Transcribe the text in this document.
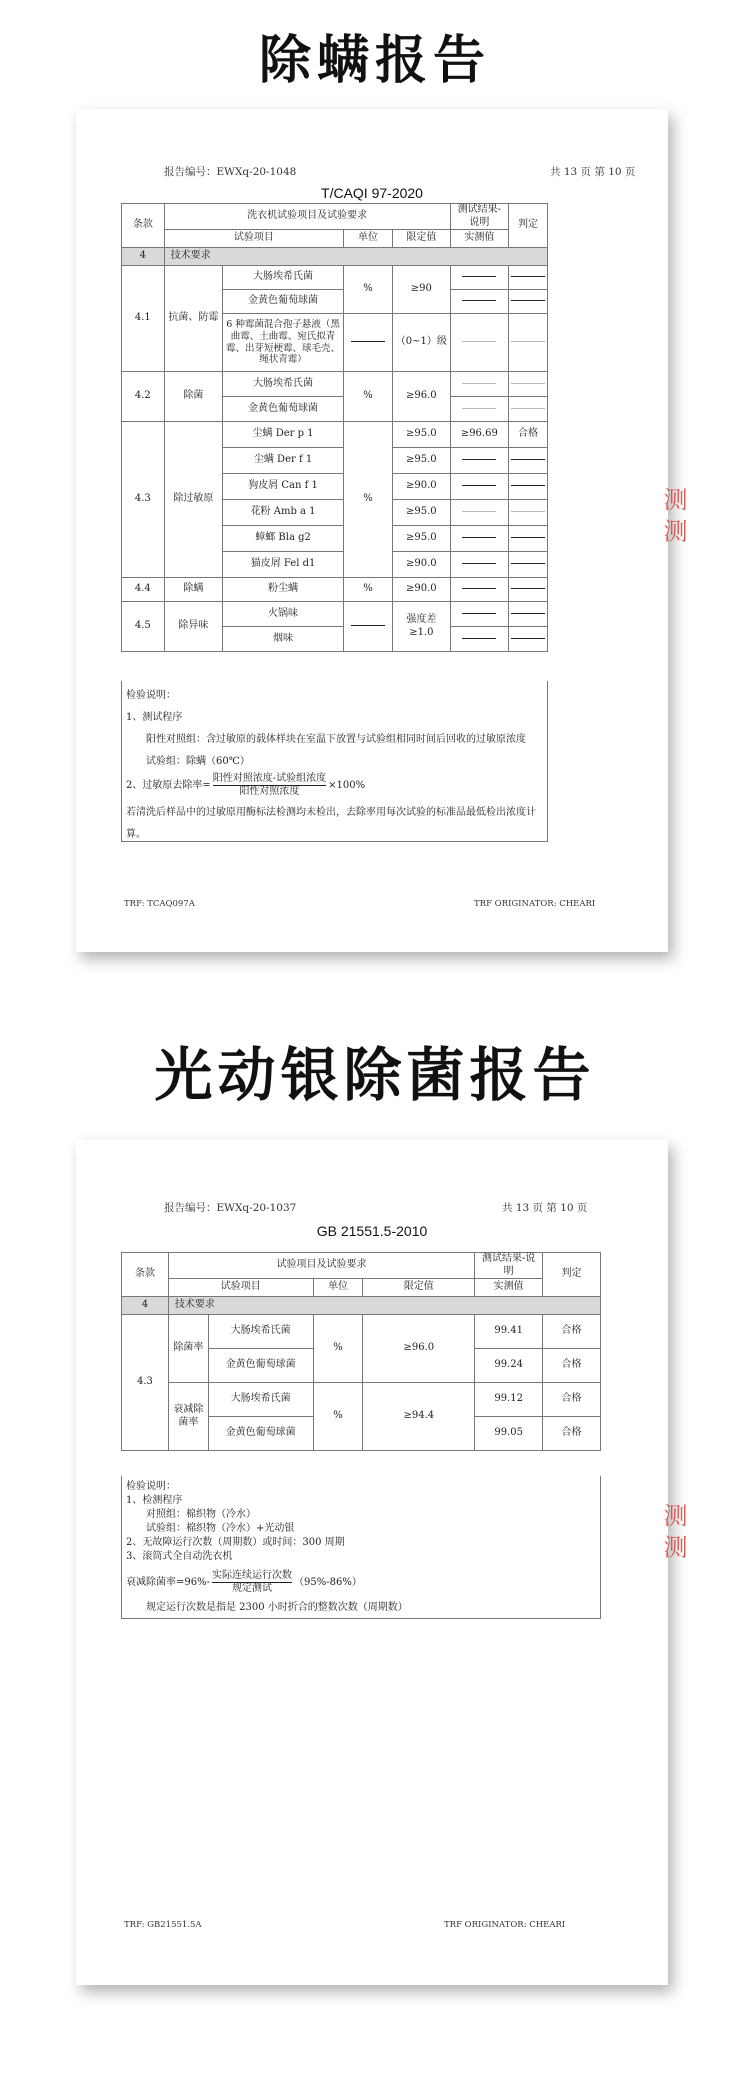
除螨报告
报告编号：EWXq-20-1048	共 13 页 第 10 页
T/CAQI 97-2020
条款	洗衣机试验项目及试验要求				测试结果-说明	判定
	试验项目		单位	限定值	实测值	
4	技术要求					
4.1	抗菌、防霉	大肠埃希氏菌	%	≥90		
		金黄色葡萄球菌				
		6 种霉菌混合孢子悬液（黑曲霉、土曲霉、宛氏拟青霉、出芽短梗霉、球毛壳、绳状青霉）		（0~1）级		
4.2	除菌	大肠埃希氏菌	%	≥96.0		
		金黄色葡萄球菌				
4.3	除过敏原	尘螨 Der p 1	%	≥95.0	≥96.69	合格
		尘螨 Der f 1		≥95.0		
		狗皮屑 Can f 1		≥90.0		
		花粉 Amb a 1		≥95.0		
		蟑螂 Bla g2		≥95.0		
		猫皮屑 Fel d1		≥90.0		
4.4	除螨	粉尘螨	%	≥90.0		
4.5	除异味	火锅味		强度差
≥1.0		
		烟味				
检验说明：
1、测试程序
阳性对照组：含过敏原的载体样块在室温下放置与试验组相同时间后回收的过敏原浓度
试验组：除螨（60℃）
2、过敏原去除率= $\frac{\text{阳性对照浓度-试验组浓度}}{\text{阳性对照浓度}} \times 100\%$
若清洗后样品中的过敏原用酶标法检测均未检出，去除率用每次试验的标准品最低检出浓度计算。
TRF: TCAQ097A	TRF ORIGINATOR: CHEARI
测 测
光动银除菌报告
报告编号：EWXq-20-1037	共 13 页 第 10 页
GB 21551.5-2010
条款	试验项目及试验要求				测试结果-说明	判定
	试验项目		单位	限定值	实测值	
4	技术要求					
4.3	除菌率	大肠埃希氏菌	%	≥96.0	99.41	合格
		金黄色葡萄球菌			99.24	合格
	衰减除菌率	大肠埃希氏菌	%	≥94.4	99.12	合格
		金黄色葡萄球菌			99.05	合格
检验说明：
1、检测程序
对照组：棉织物（冷水）
试验组：棉织物（冷水）+光动银
2、无故障运行次数（周期数）或时间：300 周期
3、滚筒式全自动洗衣机
衰减除菌率$=96\%- \frac{\text{实际连续运行次数}}{\text{规定测试}} (95\%-86\%)$
规定运行次数是指是 2300 小时折合的整数次数（周期数）
TRF: GB21551.5A	TRF ORIGINATOR: CHEARI
测 测
